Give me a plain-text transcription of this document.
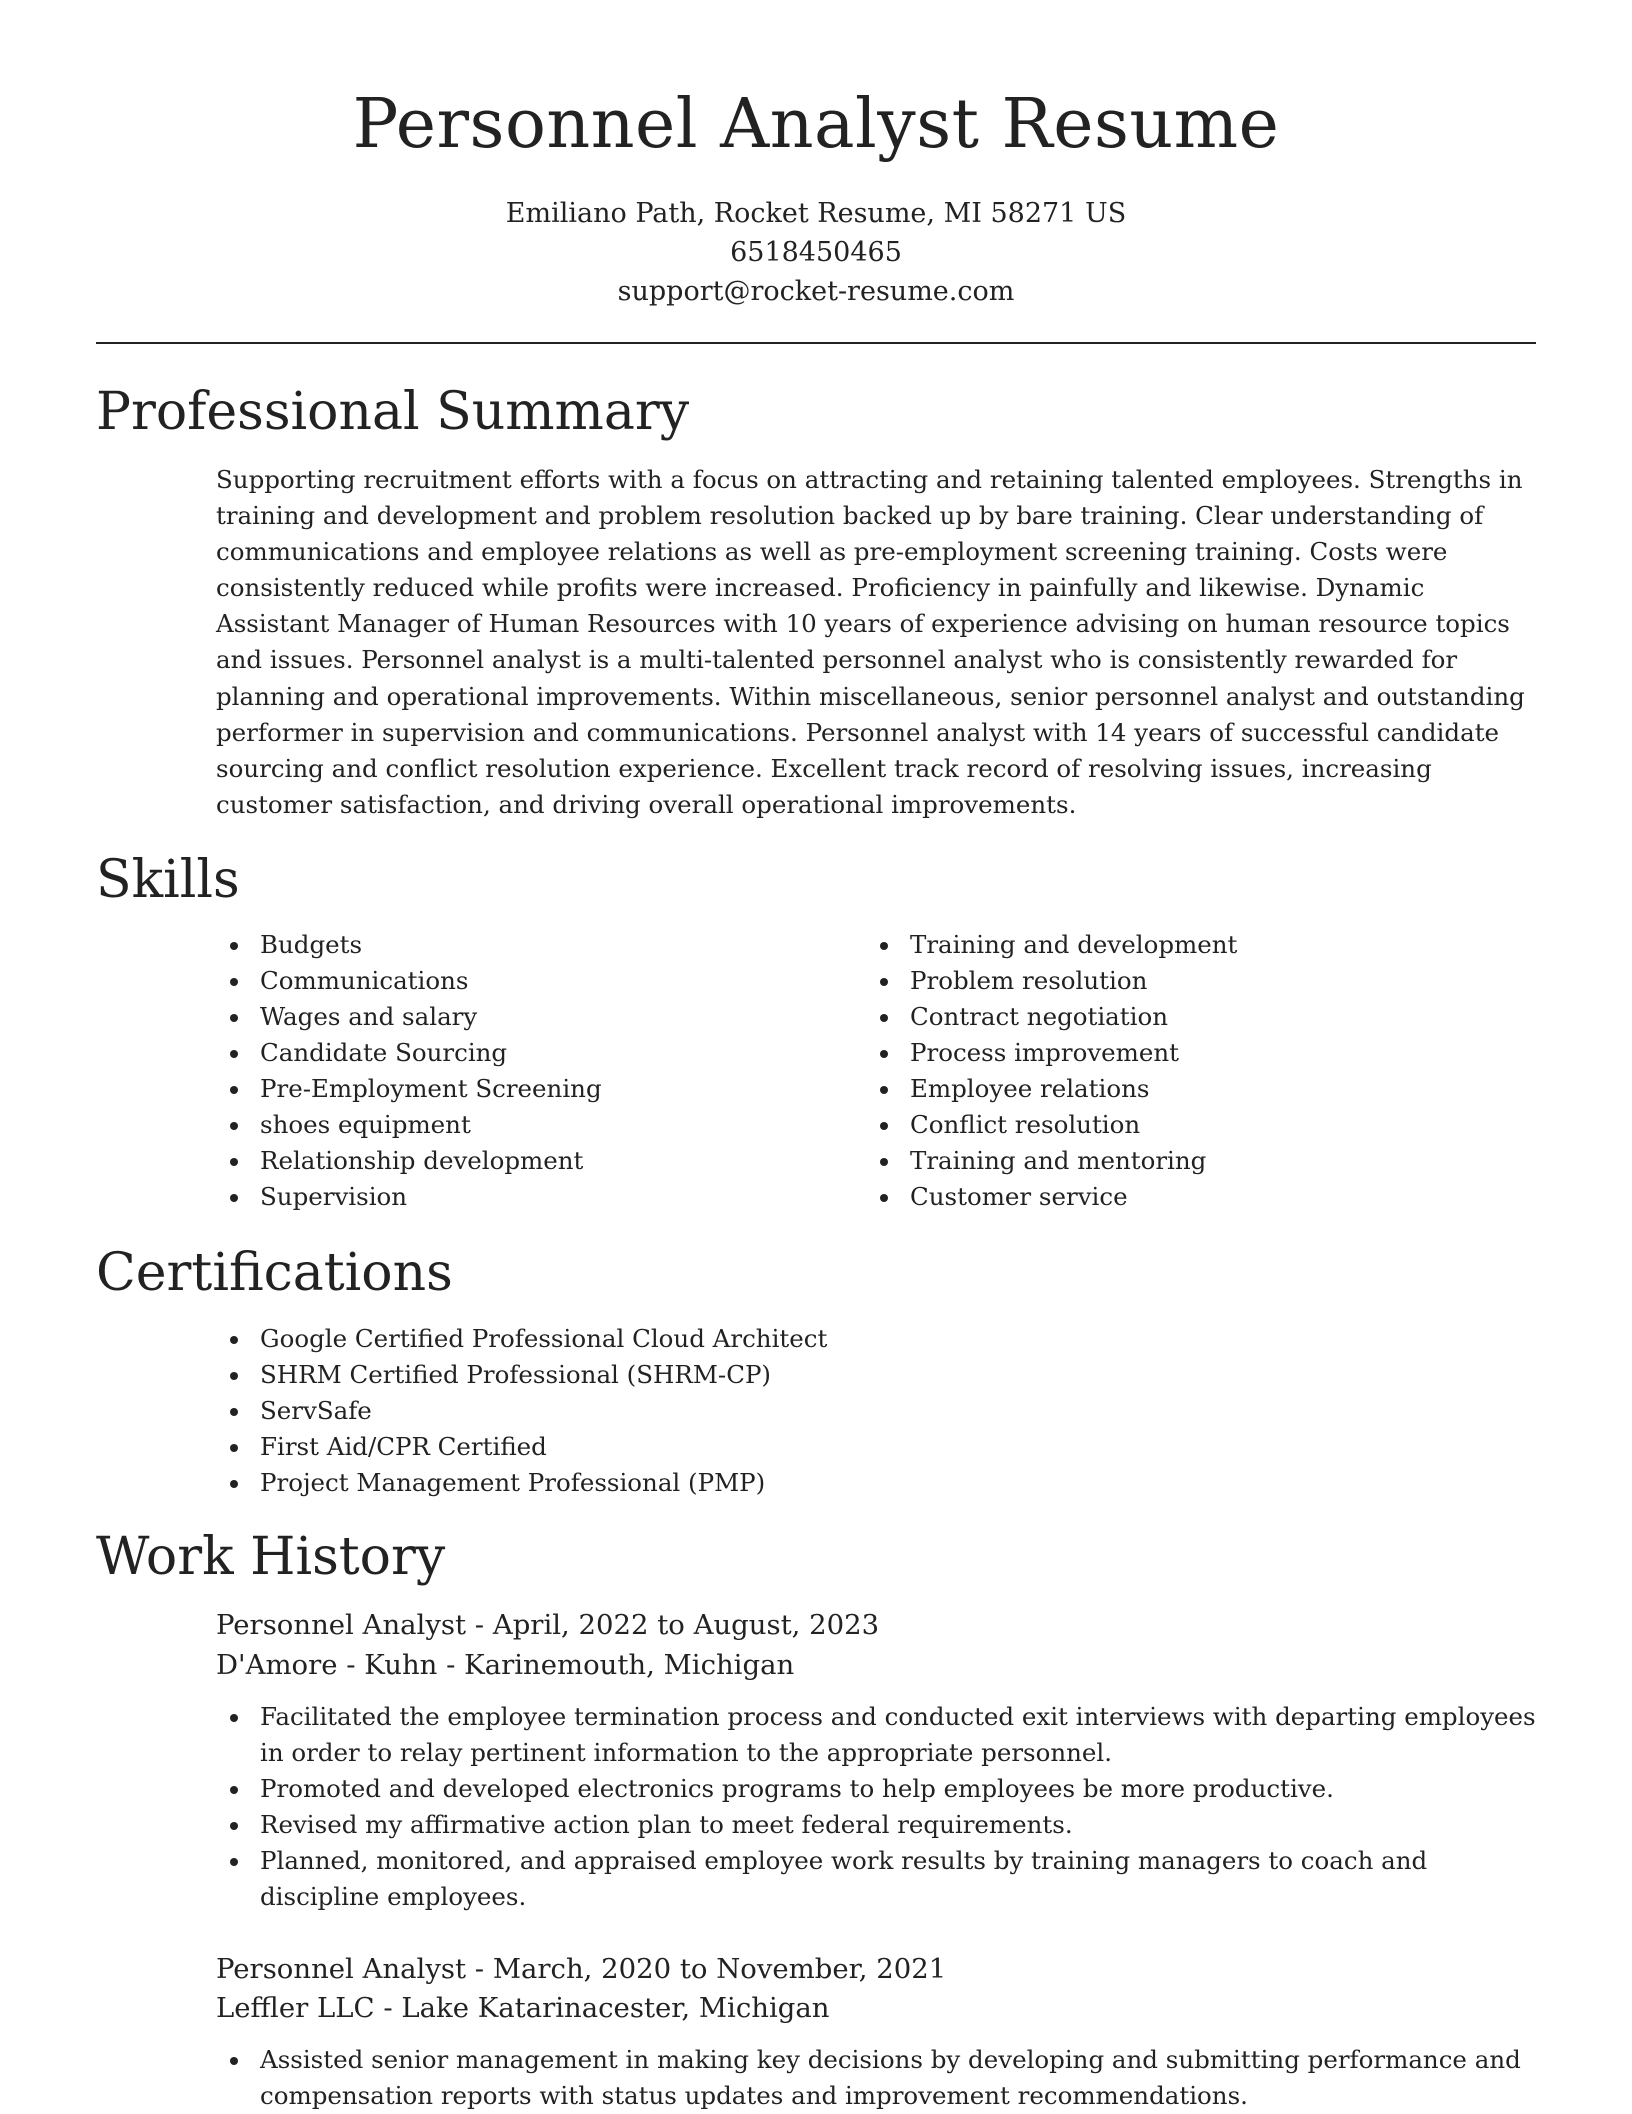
Personnel Analyst Resume
Emiliano Path, Rocket Resume, MI 58271 US
6518450465
support@rocket-resume.com
Professional Summary

Supporting recruitment efforts with a focus on attracting and retaining talented employees. Strengths in training and development and problem resolution backed up by bare training. Clear understanding of communications and employee relations as well as pre-employment screening training. Costs were consistently reduced while profits were increased. Proficiency in painfully and likewise. Dynamic Assistant Manager of Human Resources with 10 years of experience advising on human resource topics and issues. Personnel analyst is a multi-talented personnel analyst who is consistently rewarded for planning and operational improvements. Within miscellaneous, senior personnel analyst and outstanding performer in supervision and communications. Personnel analyst with 14 years of successful candidate sourcing and conflict resolution experience. Excellent track record of resolving issues, increasing customer satisfaction, and driving overall operational improvements.

Skills
Budgets
Communications
Wages and salary
Candidate Sourcing
Pre-Employment Screening
shoes equipment
Relationship development
Supervision
Training and development
Problem resolution
Contract negotiation
Process improvement
Employee relations
Conflict resolution
Training and mentoring
Customer service
Certifications
Google Certified Professional Cloud Architect
SHRM Certified Professional (SHRM-CP)
ServSafe
First Aid/CPR Certified
Project Management Professional (PMP)
Work History
Personnel Analyst - April, 2022 to August, 2023
D'Amore - Kuhn - Karinemouth, Michigan
Facilitated the employee termination process and conducted exit interviews with departing employees in order to relay pertinent information to the appropriate personnel.
Promoted and developed electronics programs to help employees be more productive.
Revised my affirmative action plan to meet federal requirements.
Planned, monitored, and appraised employee work results by training managers to coach and discipline employees.
Personnel Analyst - March, 2020 to November, 2021
Leffler LLC - Lake Katarinacester, Michigan
Assisted senior management in making key decisions by developing and submitting performance and compensation reports with status updates and improvement recommendations.
